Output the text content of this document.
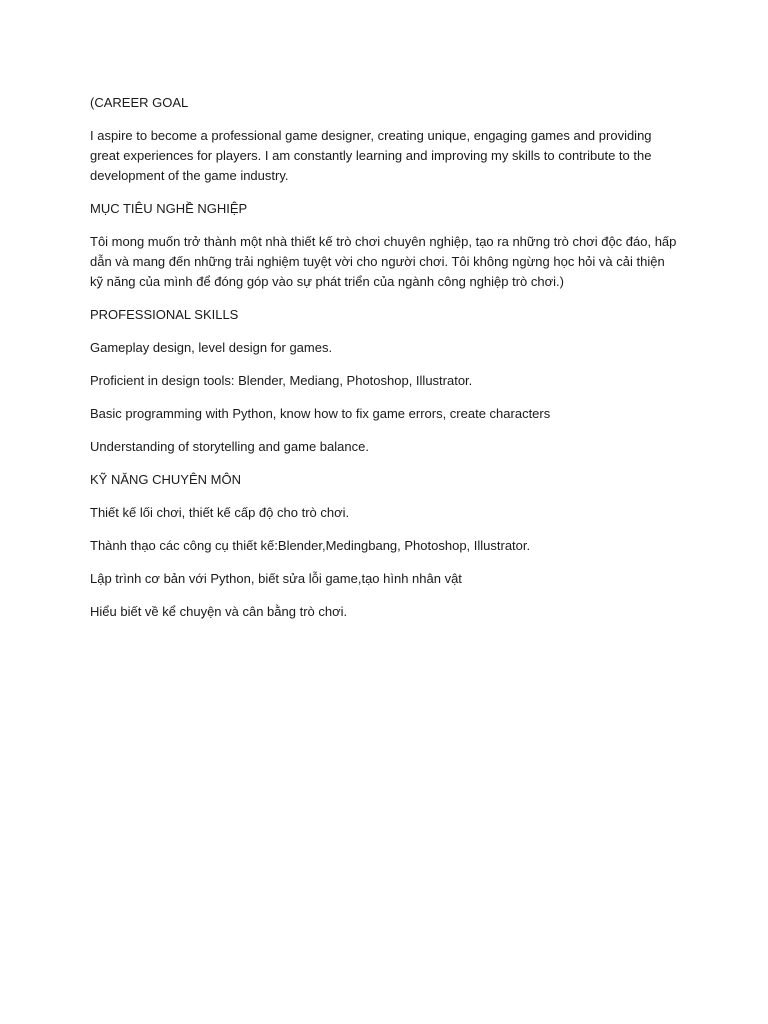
(CAREER GOAL

I aspire to become a professional game designer, creating unique, engaging games and providing great experiences for players. I am constantly learning and improving my skills to contribute to the development of the game industry.

MỤC TIÊU NGHỀ NGHIỆP

Tôi mong muốn trở thành một nhà thiết kế trò chơi chuyên nghiệp, tạo ra những trò chơi độc đáo, hấp dẫn và mang đến những trải nghiệm tuyệt vời cho người chơi. Tôi không ngừng học hỏi và cải thiện kỹ năng của mình để đóng góp vào sự phát triển của ngành công nghiệp trò chơi.)

PROFESSIONAL SKILLS

Gameplay design, level design for games.

Proficient in design tools: Blender, Mediang, Photoshop, Illustrator.

Basic programming with Python, know how to fix game errors, create characters

Understanding of storytelling and game balance.

KỸ NĂNG CHUYÊN MÔN

Thiết kế lối chơi, thiết kế cấp độ cho trò chơi.

Thành thạo các công cụ thiết kế:Blender,Medingbang, Photoshop, Illustrator.

Lập trình cơ bản với Python, biết sửa lỗi game,tạo hình nhân vật

Hiểu biết về kể chuyện và cân bằng trò chơi.
